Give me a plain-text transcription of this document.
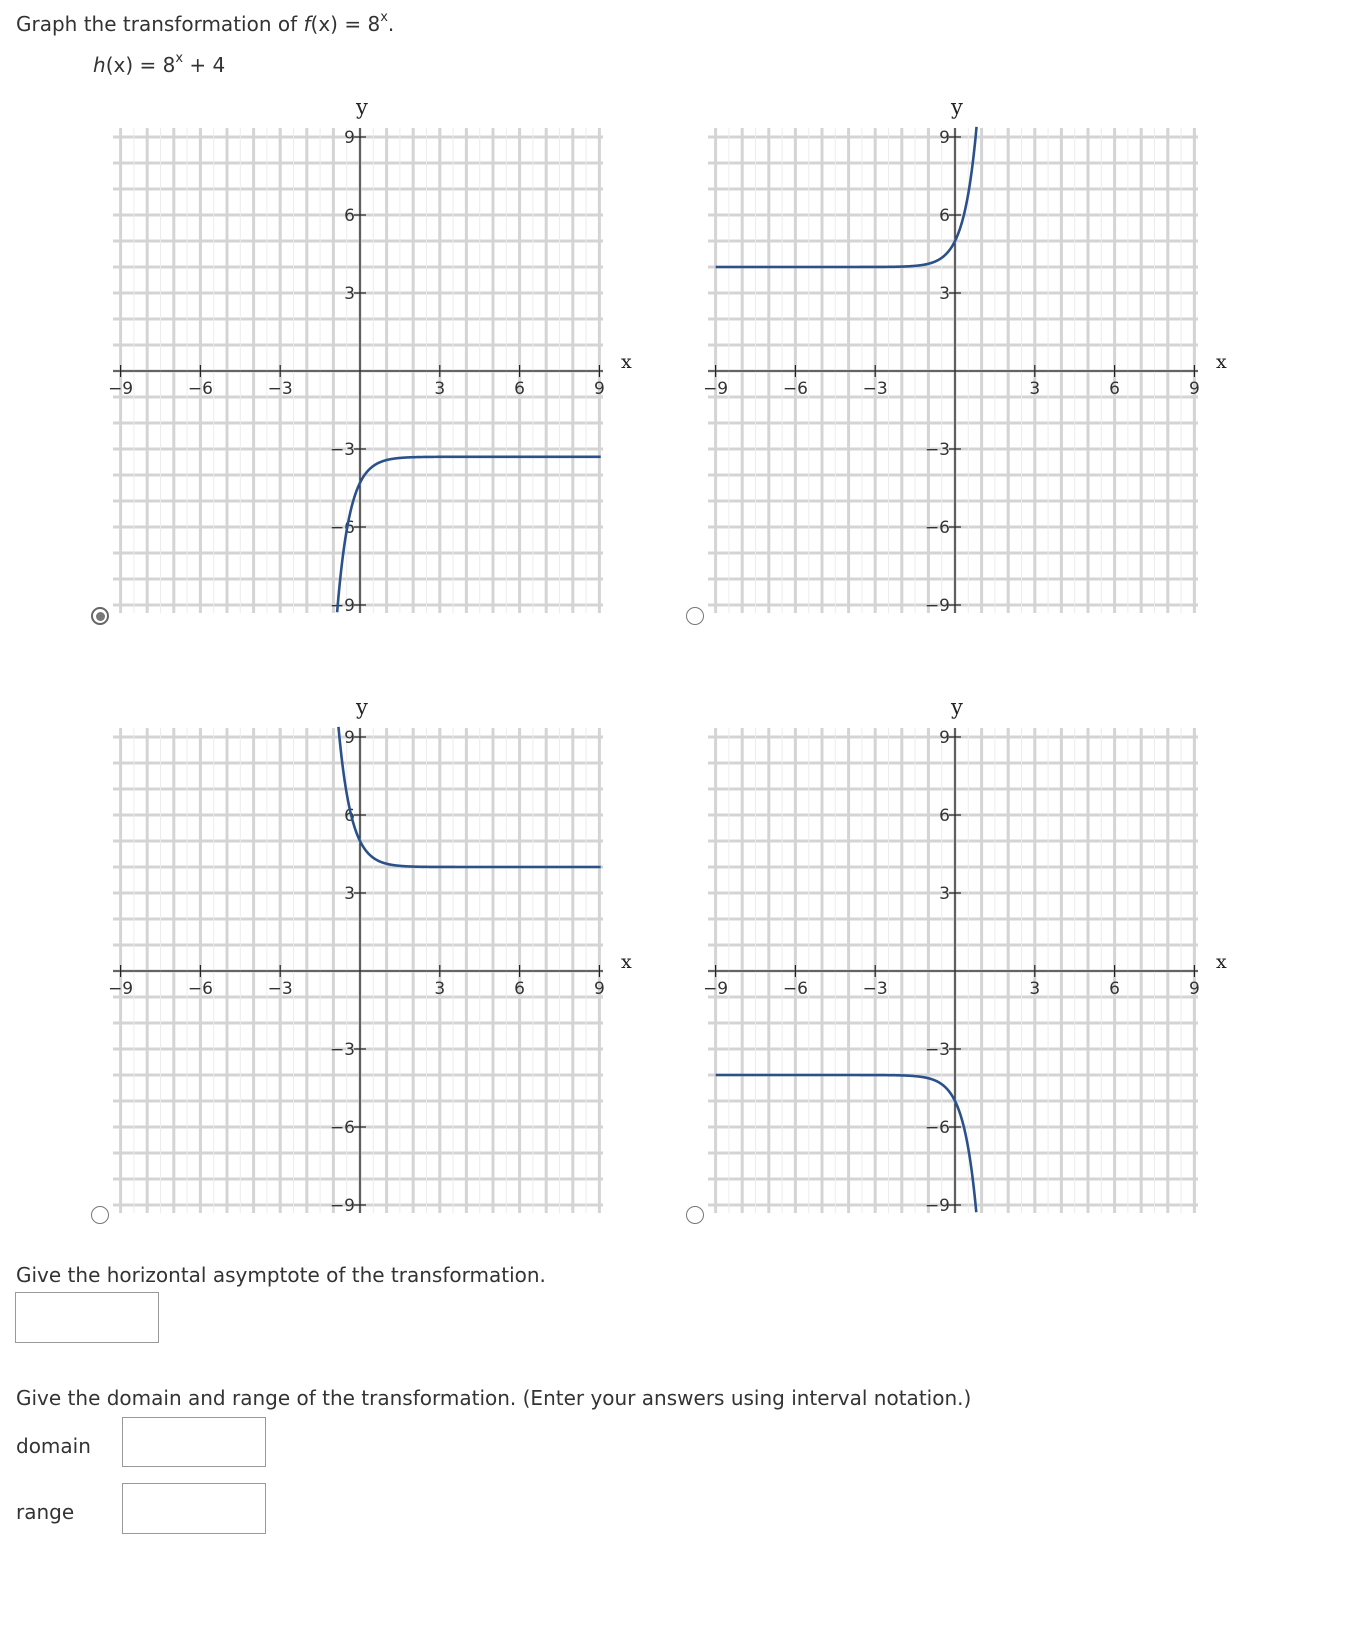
Graph the transformation of $f(x) = 8^x$.
$h(x) = 8^x + 4$
−9
−9
−6
−6
−3
−3
3
3
6
6
9
9
x
y
−9
−9
−6
−6
−3
−3
3
3
6
6
9
9
x
y
−9
−9
−6
−6
−3
−3
3
3
6
6
9
9
x
y
−9
−9
−6
−6
−3
−3
3
3
6
6
9
9
x
y
Give the horizontal asymptote of the transformation.
Give the domain and range of the transformation. (Enter your answers using interval notation.)
domain
range
